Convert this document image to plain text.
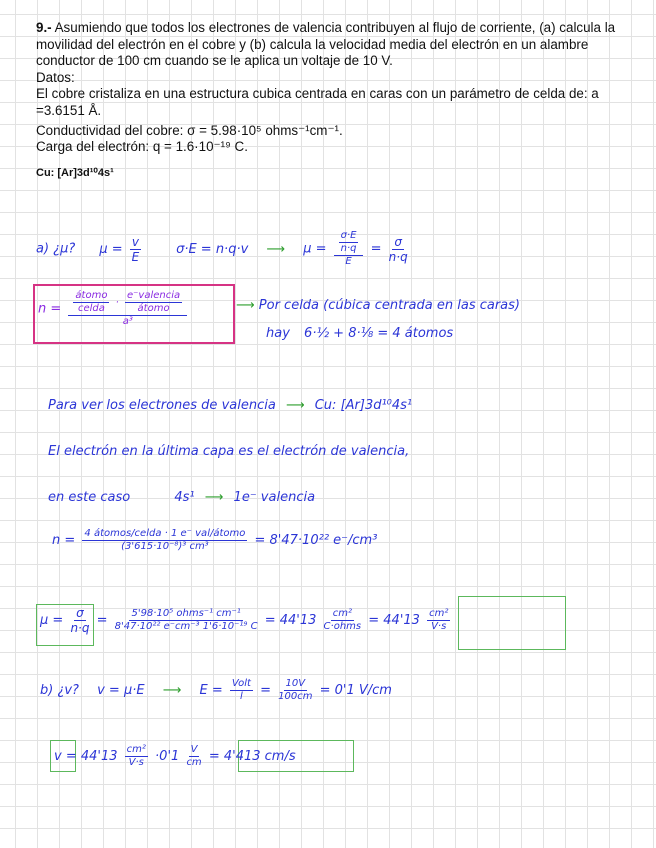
9.- Asumiendo que todos los electrones de valencia contribuyen al flujo de corriente, (a) calcula la movilidad del electrón en el cobre y (b) calcula la velocidad media del electrón en un alambre conductor de 100 cm cuando se le aplica un voltaje de 10 V.

Datos:

El cobre cristaliza en una estructura cubica centrada en caras con un parámetro de celda de: a =3.6151 Å.

Conductividad del cobre: σ = 5.98·10⁵ ohms⁻¹cm⁻¹.

Carga del electrón: q = 1.6·10⁻¹⁹ C.

Cu: [Ar]3d¹⁰4s¹

a) ¿μ? $\mu = \frac{v}{E}$	σ·E = n·q·v ⟶ $\mu = \frac{\frac{\sigma\cdot E}{n\cdot q}}{E} = \frac{\sigma}{n\cdot q}$
$n = \frac{\frac{\text{átomo}}{\text{celda}} \cdot \frac{\text{e⁻valencia}}{\text{átomo}}}{\text{a³}}$	⟶ Por celda (cúbica centrada en las caras)
hay 6·½ + 8·⅛ = 4 átomos
Para ver los electrones de valencia ⟶ Cu: [Ar]3d¹⁰4s¹
El electrón en la última capa es el electrón de valencia,
en este caso	4s¹ ⟶ 1e⁻ valencia
$n = \frac{\text{4 átomos/celda · 1 e⁻ val/átomo}}{\text{(3'615·10⁻⁸)³ cm³}} = 8'47\cdot 10^{22}$ e⁻/cm³
$\mu = \frac{\sigma}{n\cdot q} = \frac{\text{5'98·10⁵ ohms⁻¹ cm⁻¹}}{\text{8'47·10²² e⁻cm⁻³ 1'6·10⁻¹⁹ C}} = 44'13 \frac{\text{cm²}}{\text{C·ohms}} = 44'13 \frac{\text{cm²}}{V\cdot s}$
b) ¿v? v = μ·E ⟶ $E = \frac{\text{Volt}}{l} = \frac{10V}{100cm} = 0'1$ V/cm
$v = 44'13 \frac{\text{cm²}}{V\cdot s} \cdot 0'1 \frac{V}{cm} = 4'413$ cm/s
